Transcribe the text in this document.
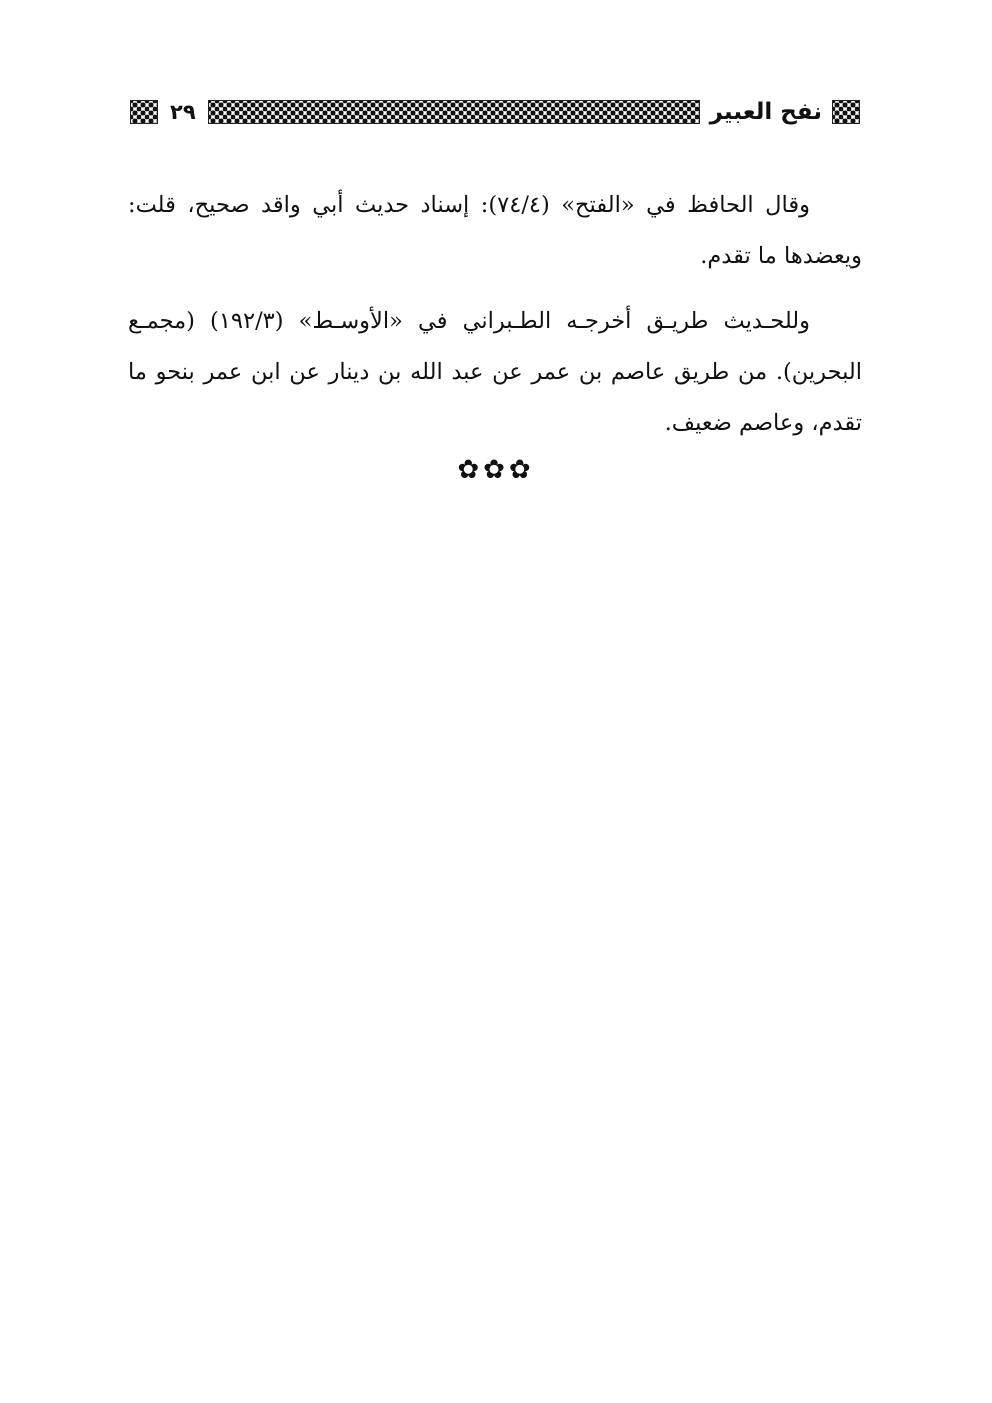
نفح العبير
٢٩

وقال الحافظ في «الفتح» (٧٤/٤): إسناد حديث أبي واقد صحيح، قلت: ويعضدها ما تقدم.

وللحـديث طريـق أخرجـه الطـبراني في «الأوسـط» (١٩٢/٣) (مجمـع البحرين). من طريق عاصم بن عمر عن عبد الله بن دينار عن ابن عمر بنحو ما تقدم، وعاصم ضعيف.

✿✿✿
